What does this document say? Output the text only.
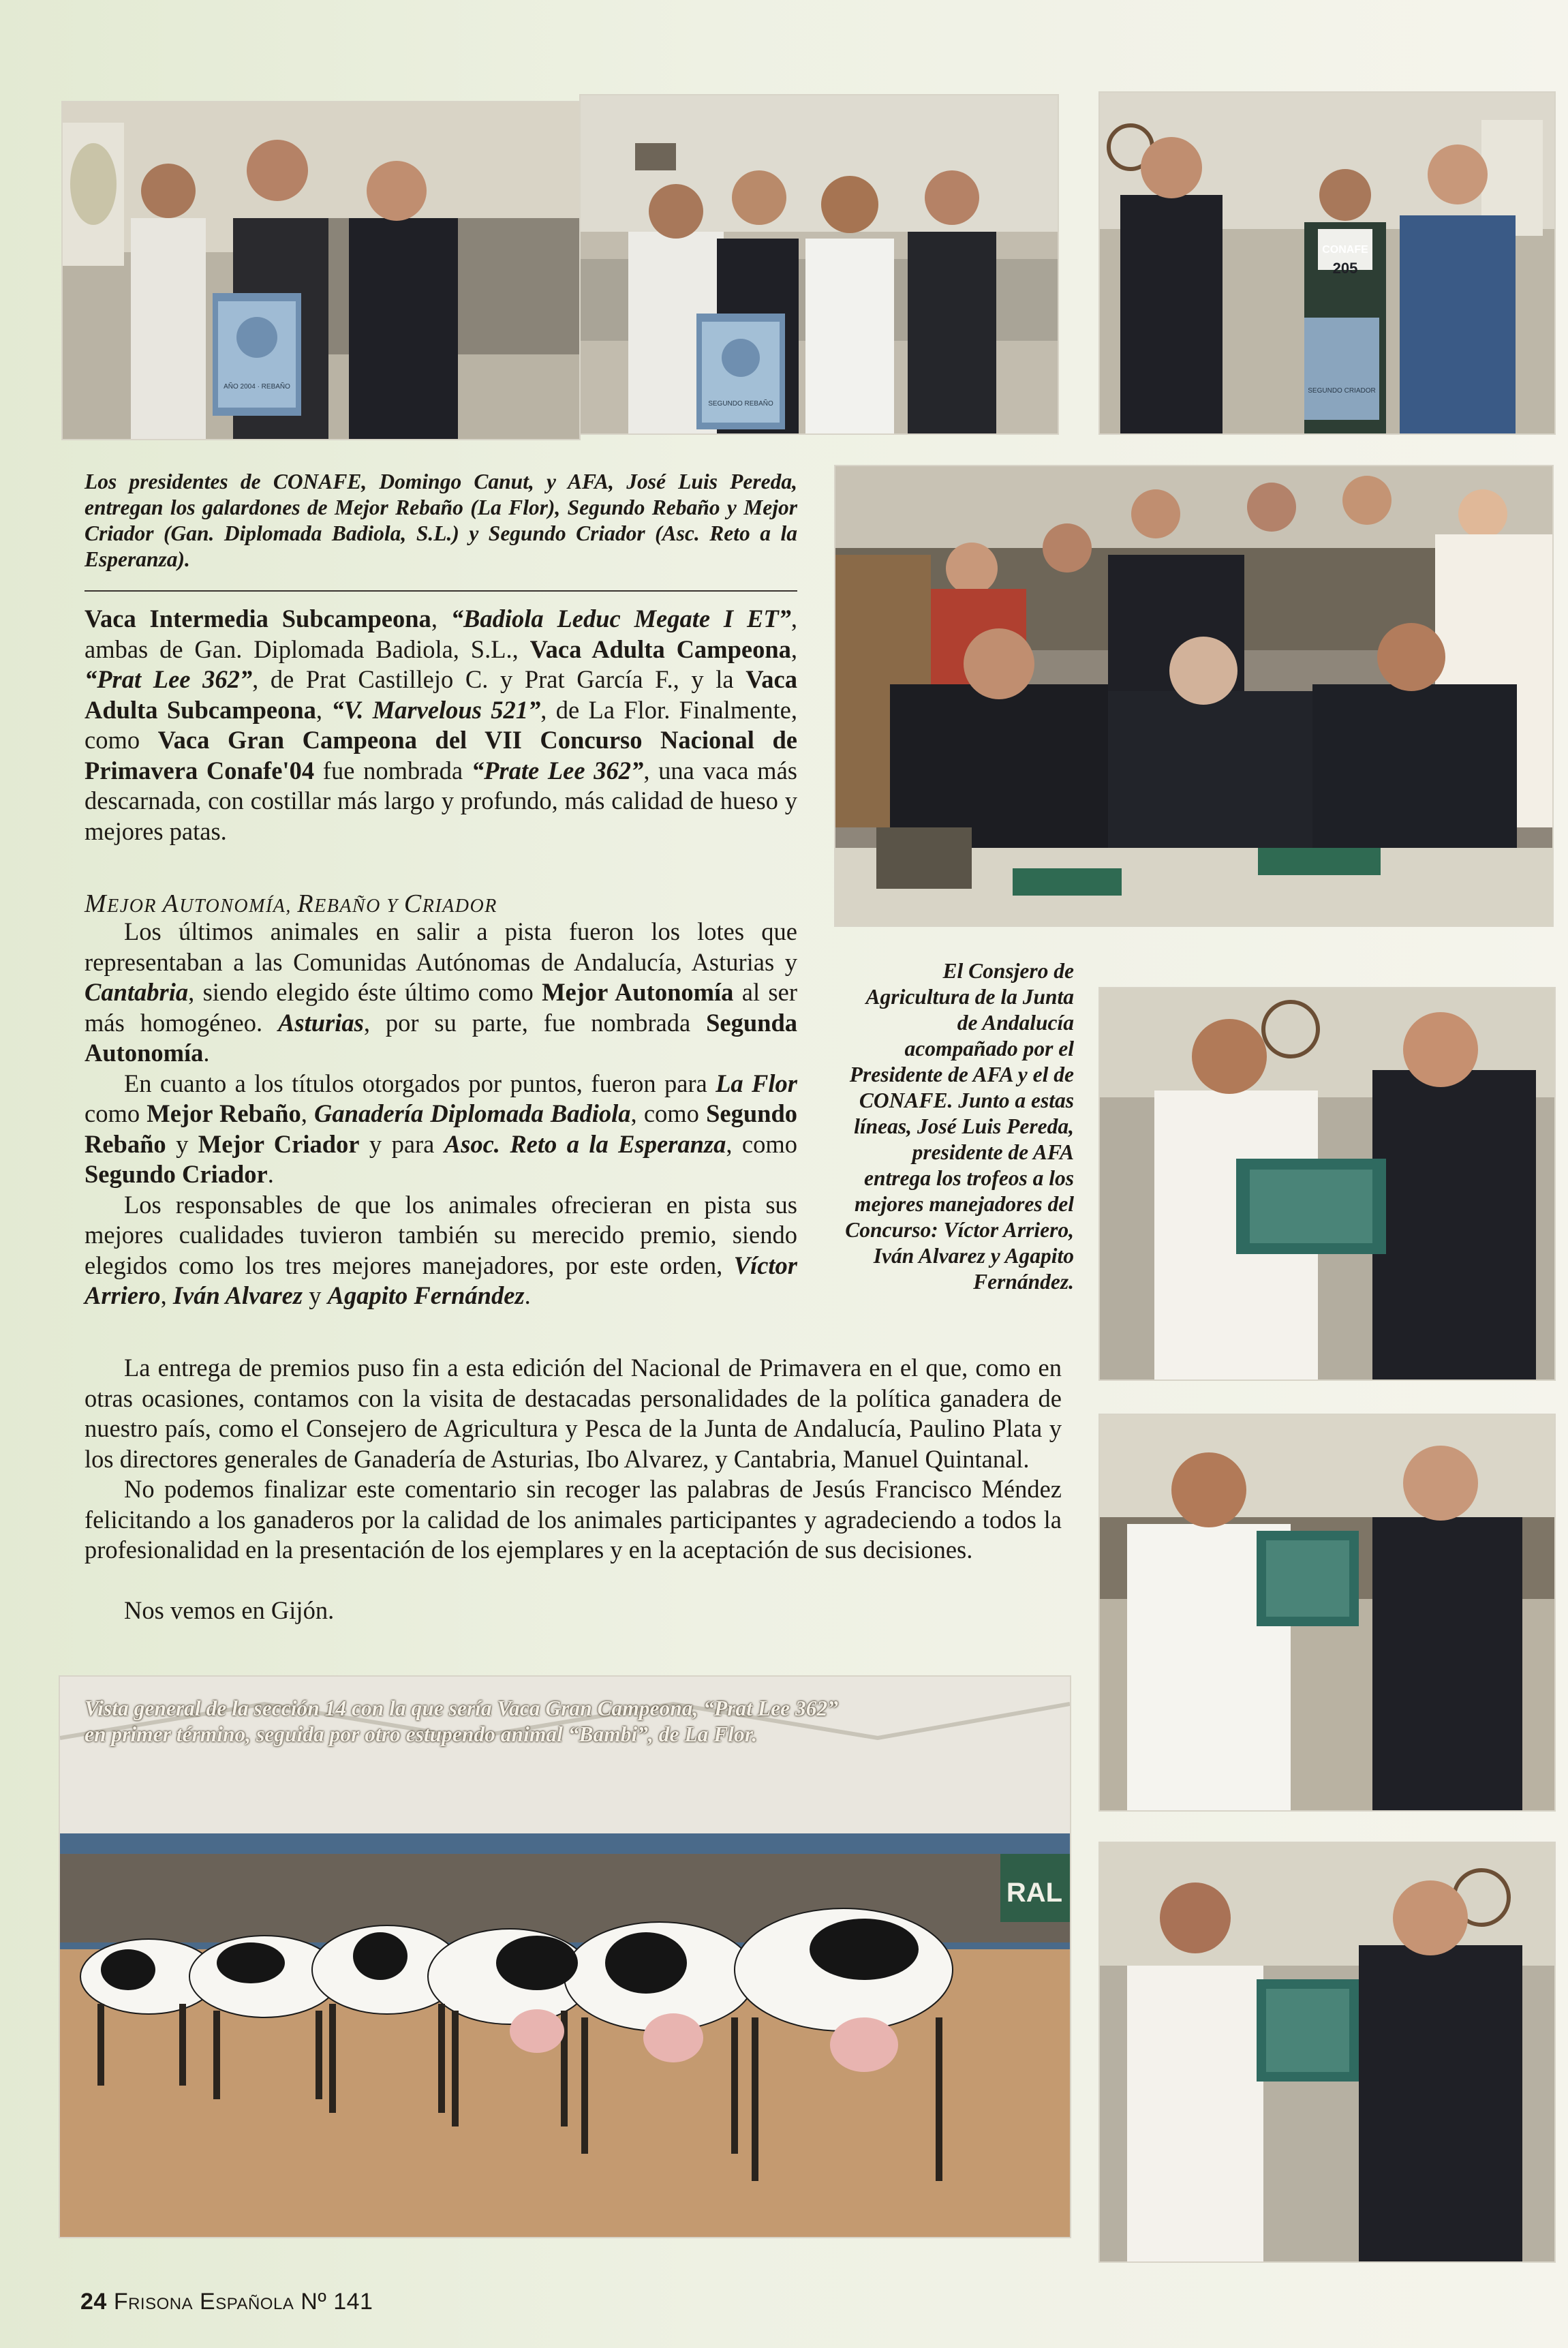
AÑO 2004 · REBAÑO
SEGUNDO REBAÑO
CONAFE
205
SEGUNDO CRIADOR
RAL
Los presidentes de CONAFE, Domingo Canut, y AFA, José Luis Pereda, entregan los galardones de Mejor Rebaño (La Flor), Segundo Rebaño y Mejor Criador (Gan. Diplomada Badiola, S.L.) y Segundo Criador (Asc. Reto a la Esperanza).
El Consjero de Agricultura de la Junta de Andalucía acompañado por el Presidente de AFA y el de CONAFE. Junto a estas líneas, José Luis Pereda, presidente de AFA entrega los trofeos a los mejores manejadores del Concurso: Víctor Arriero, Iván Alvarez y Agapito Fernández.
Vista general de la sección 14 con la que sería Vaca Gran Campeona, “Prat Lee 362”
en primer término, seguida por otro estupendo animal “Bambi”, de La Flor.
Vaca Intermedia Subcampeona, “Badiola Leduc Megate I ET”, ambas de Gan. Diplomada Badiola, S.L., Vaca Adulta Campeona, “Prat Lee 362”, de Prat Castillejo C. y Prat García F., y la Vaca Adulta Subcampeona, “V. Marvelous 521”, de La Flor. Finalmente, como Vaca Gran Campeona del VII Concurso Nacional de Primavera Conafe'04 fue nombrada “Prate Lee 362”, una vaca más descarnada, con costillar más largo y profundo, más calidad de hueso y mejores patas.
MEJOR AUTONOMÍA, REBAÑO Y CRIADOR
Los últimos animales en salir a pista fueron los lotes que representaban a las Comunidas Autónomas de Andalucía, Asturias y Cantabria, siendo elegido éste último como Mejor Autonomía al ser más homogéneo. Asturias, por su parte, fue nombrada Segunda Autonomía.
En cuanto a los títulos otorgados por puntos, fueron para La Flor como Mejor Rebaño, Ganadería Diplomada Badiola, como Segundo Rebaño y Mejor Criador y para Asoc. Reto a la Esperanza, como Segundo Criador.
Los responsables de que los animales ofrecieran en pista sus mejores cualidades tuvieron también su merecido premio, siendo elegidos como los tres mejores manejadores, por este orden, Víctor Arriero, Iván Alvarez y Agapito Fernández.
La entrega de premios puso fin a esta edición del Nacional de Primavera en el que, como en otras ocasiones, contamos con la visita de destacadas personalidades de la política ganadera de nuestro país, como el Consejero de Agricultura y Pesca de la Junta de Andalucía, Paulino Plata y los directores generales de Ganadería de Asturias, Ibo Alvarez, y Cantabria, Manuel Quintanal.
No podemos finalizar este comentario sin recoger las palabras de Jesús Francisco Méndez felicitando a los ganaderos por la calidad de los animales participantes y agradeciendo a todos la profesionalidad en la presentación de los ejemplares y en la aceptación de sus decisiones.
Nos vemos en Gijón.
24 Frisona Española Nº 141
